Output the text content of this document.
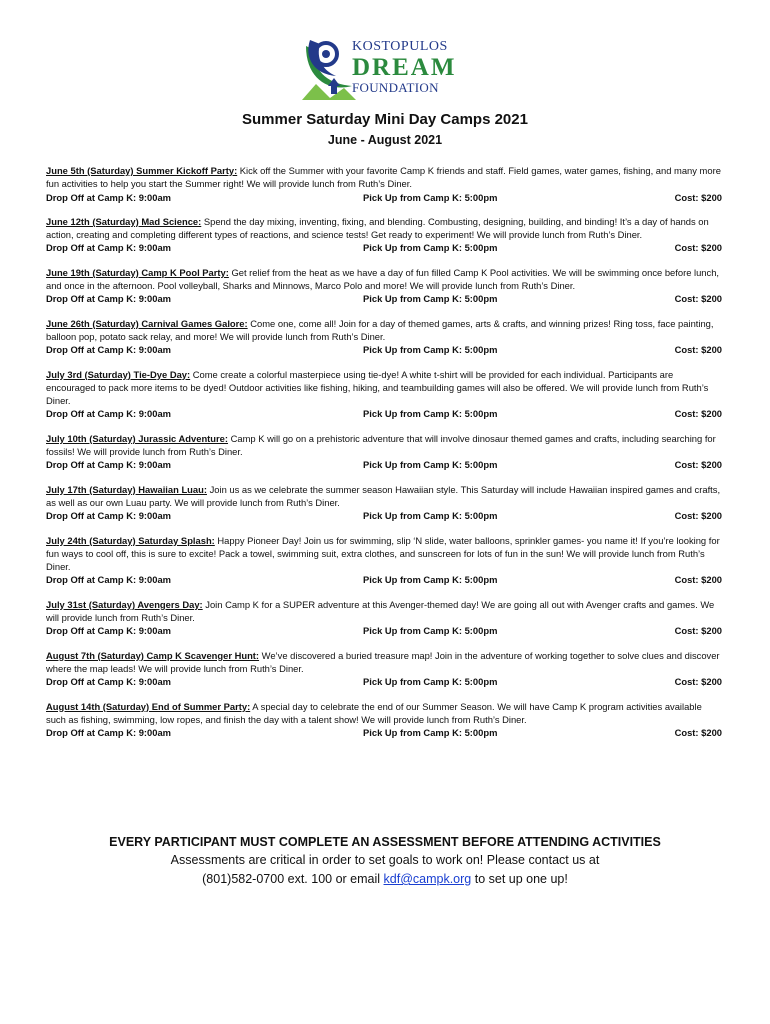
KOSTOPULOS
DREAM
FOUNDATION
Summer Saturday Mini Day Camps 2021
June - August 2021
June 5th (Saturday) Summer Kickoff Party: Kick off the Summer with your favorite Camp K friends and staff. Field games, water games, fishing, and many more fun activities to help you start the Summer right! We will provide lunch from Ruth’s Diner.
Drop Off at Camp K: 9:00am	Pick Up from Camp K: 5:00pm	Cost: $200
June 12th (Saturday) Mad Science: Spend the day mixing, inventing, fixing, and blending. Combusting, designing, building, and binding! It’s a day of hands on action, creating and completing different types of reactions, and science tests! Get ready to experiment! We will provide lunch from Ruth’s Diner.
Drop Off at Camp K: 9:00am	Pick Up from Camp K: 5:00pm	Cost: $200
June 19th (Saturday) Camp K Pool Party: Get relief from the heat as we have a day of fun filled Camp K Pool activities. We will be swimming once before lunch, and once in the afternoon. Pool volleyball, Sharks and Minnows, Marco Polo and more! We will provide lunch from Ruth’s Diner.
Drop Off at Camp K: 9:00am	Pick Up from Camp K: 5:00pm	Cost: $200
June 26th (Saturday) Carnival Games Galore: Come one, come all! Join for a day of themed games, arts & crafts, and winning prizes! Ring toss, face painting, balloon pop, potato sack relay, and more! We will provide lunch from Ruth’s Diner.
Drop Off at Camp K: 9:00am	Pick Up from Camp K: 5:00pm	Cost: $200
July 3rd (Saturday) Tie-Dye Day: Come create a colorful masterpiece using tie-dye! A white t-shirt will be provided for each individual. Participants are encouraged to pack more items to be dyed! Outdoor activities like fishing, hiking, and teambuilding games will also be offered. We will provide lunch from Ruth’s Diner.
Drop Off at Camp K: 9:00am	Pick Up from Camp K: 5:00pm	Cost: $200
July 10th (Saturday) Jurassic Adventure: Camp K will go on a prehistoric adventure that will involve dinosaur themed games and crafts, including searching for fossils! We will provide lunch from Ruth’s Diner.
Drop Off at Camp K: 9:00am	Pick Up from Camp K: 5:00pm	Cost: $200
July 17th (Saturday) Hawaiian Luau: Join us as we celebrate the summer season Hawaiian style. This Saturday will include Hawaiian inspired games and crafts, as well as our own Luau party. We will provide lunch from Ruth’s Diner.
Drop Off at Camp K: 9:00am	Pick Up from Camp K: 5:00pm	Cost: $200
July 24th (Saturday) Saturday Splash: Happy Pioneer Day! Join us for swimming, slip ‘N slide, water balloons, sprinkler games- you name it! If you’re looking for fun ways to cool off, this is sure to excite! Pack a towel, swimming suit, extra clothes, and sunscreen for lots of fun in the sun! We will provide lunch from Ruth’s Diner.
Drop Off at Camp K: 9:00am	Pick Up from Camp K: 5:00pm	Cost: $200
July 31st (Saturday) Avengers Day: Join Camp K for a SUPER adventure at this Avenger-themed day! We are going all out with Avenger crafts and games. We will provide lunch from Ruth’s Diner.
Drop Off at Camp K: 9:00am	Pick Up from Camp K: 5:00pm	Cost: $200
August 7th (Saturday) Camp K Scavenger Hunt: We’ve discovered a buried treasure map! Join in the adventure of working together to solve clues and discover where the map leads! We will provide lunch from Ruth’s Diner.
Drop Off at Camp K: 9:00am	Pick Up from Camp K: 5:00pm	Cost: $200
August 14th (Saturday) End of Summer Party: A special day to celebrate the end of our Summer Season. We will have Camp K program activities available such as fishing, swimming, low ropes, and finish the day with a talent show! We will provide lunch from Ruth’s Diner.
Drop Off at Camp K: 9:00am	Pick Up from Camp K: 5:00pm	Cost: $200

EVERY PARTICIPANT MUST COMPLETE AN ASSESSMENT BEFORE ATTENDING ACTIVITIES

Assessments are critical in order to set goals to work on! Please contact us at

(801)582-0700 ext. 100 or email kdf@campk.org to set up one up!
